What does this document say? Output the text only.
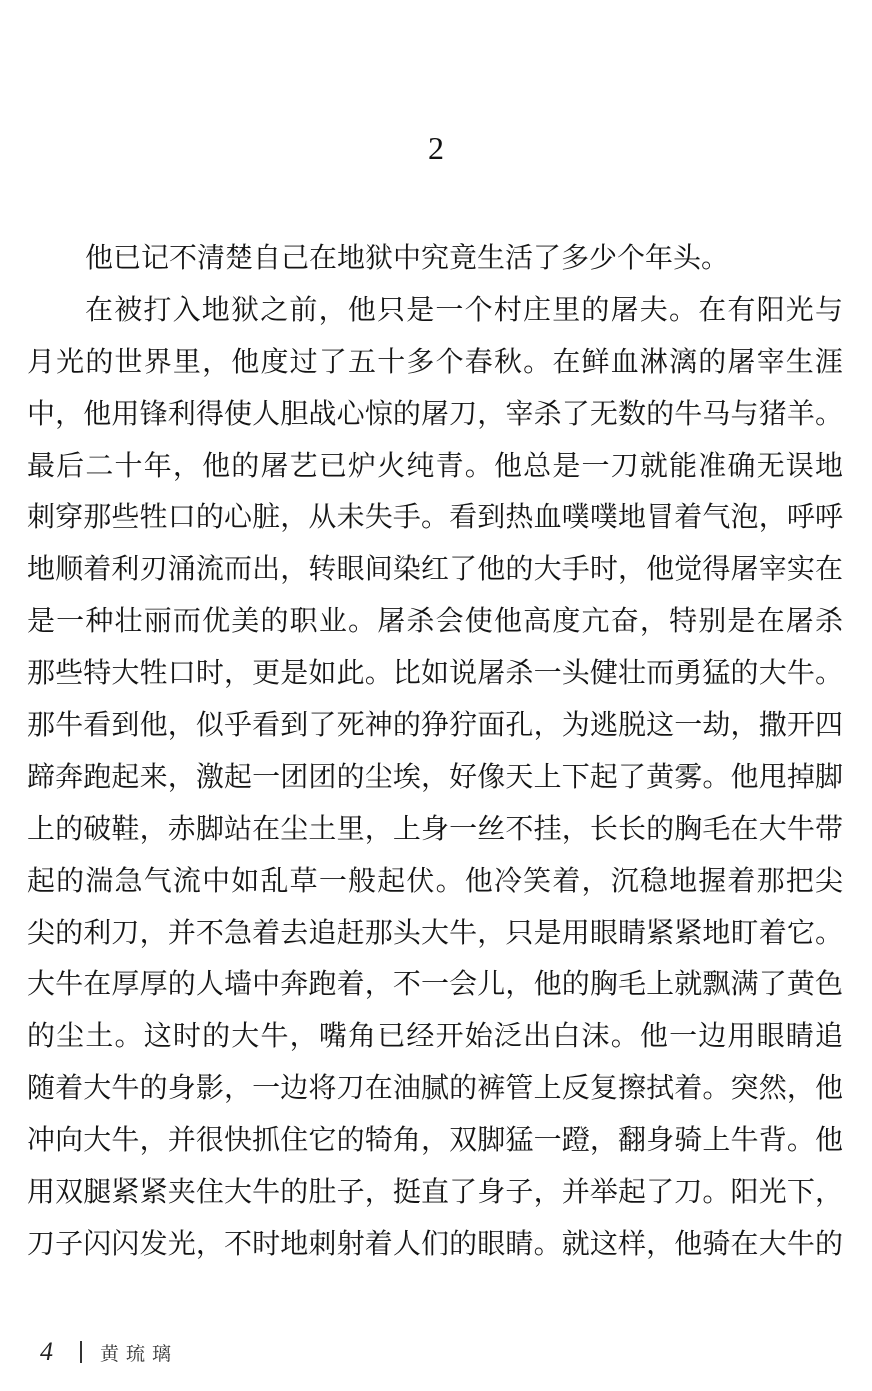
2
他已记不清楚自己在地狱中究竟生活了多少个年头。
在被打入地狱之前，他只是一个村庄里的屠夫。在有阳光与
月光的世界里，他度过了五十多个春秋。在鲜血淋漓的屠宰生涯
中，他用锋利得使人胆战心惊的屠刀，宰杀了无数的牛马与猪羊。
最后二十年，他的屠艺已炉火纯青。他总是一刀就能准确无误地
刺穿那些牲口的心脏，从未失手。看到热血噗噗地冒着气泡，呼呼
地顺着利刃涌流而出，转眼间染红了他的大手时，他觉得屠宰实在
是一种壮丽而优美的职业。屠杀会使他高度亢奋，特别是在屠杀
那些特大牲口时，更是如此。比如说屠杀一头健壮而勇猛的大牛。
那牛看到他，似乎看到了死神的狰狞面孔，为逃脱这一劫，撒开四
蹄奔跑起来，激起一团团的尘埃，好像天上下起了黄雾。他甩掉脚
上的破鞋，赤脚站在尘土里，上身一丝不挂，长长的胸毛在大牛带
起的湍急气流中如乱草一般起伏。他冷笑着，沉稳地握着那把尖
尖的利刀，并不急着去追赶那头大牛，只是用眼睛紧紧地盯着它。
大牛在厚厚的人墙中奔跑着，不一会儿，他的胸毛上就飘满了黄色
的尘土。这时的大牛，嘴角已经开始泛出白沫。他一边用眼睛追
随着大牛的身影，一边将刀在油腻的裤管上反复擦拭着。突然，他
冲向大牛，并很快抓住它的犄角，双脚猛一蹬，翻身骑上牛背。他
用双腿紧紧夹住大牛的肚子，挺直了身子，并举起了刀。阳光下，
刀子闪闪发光，不时地刺射着人们的眼睛。就这样，他骑在大牛的
4	黄琉璃
